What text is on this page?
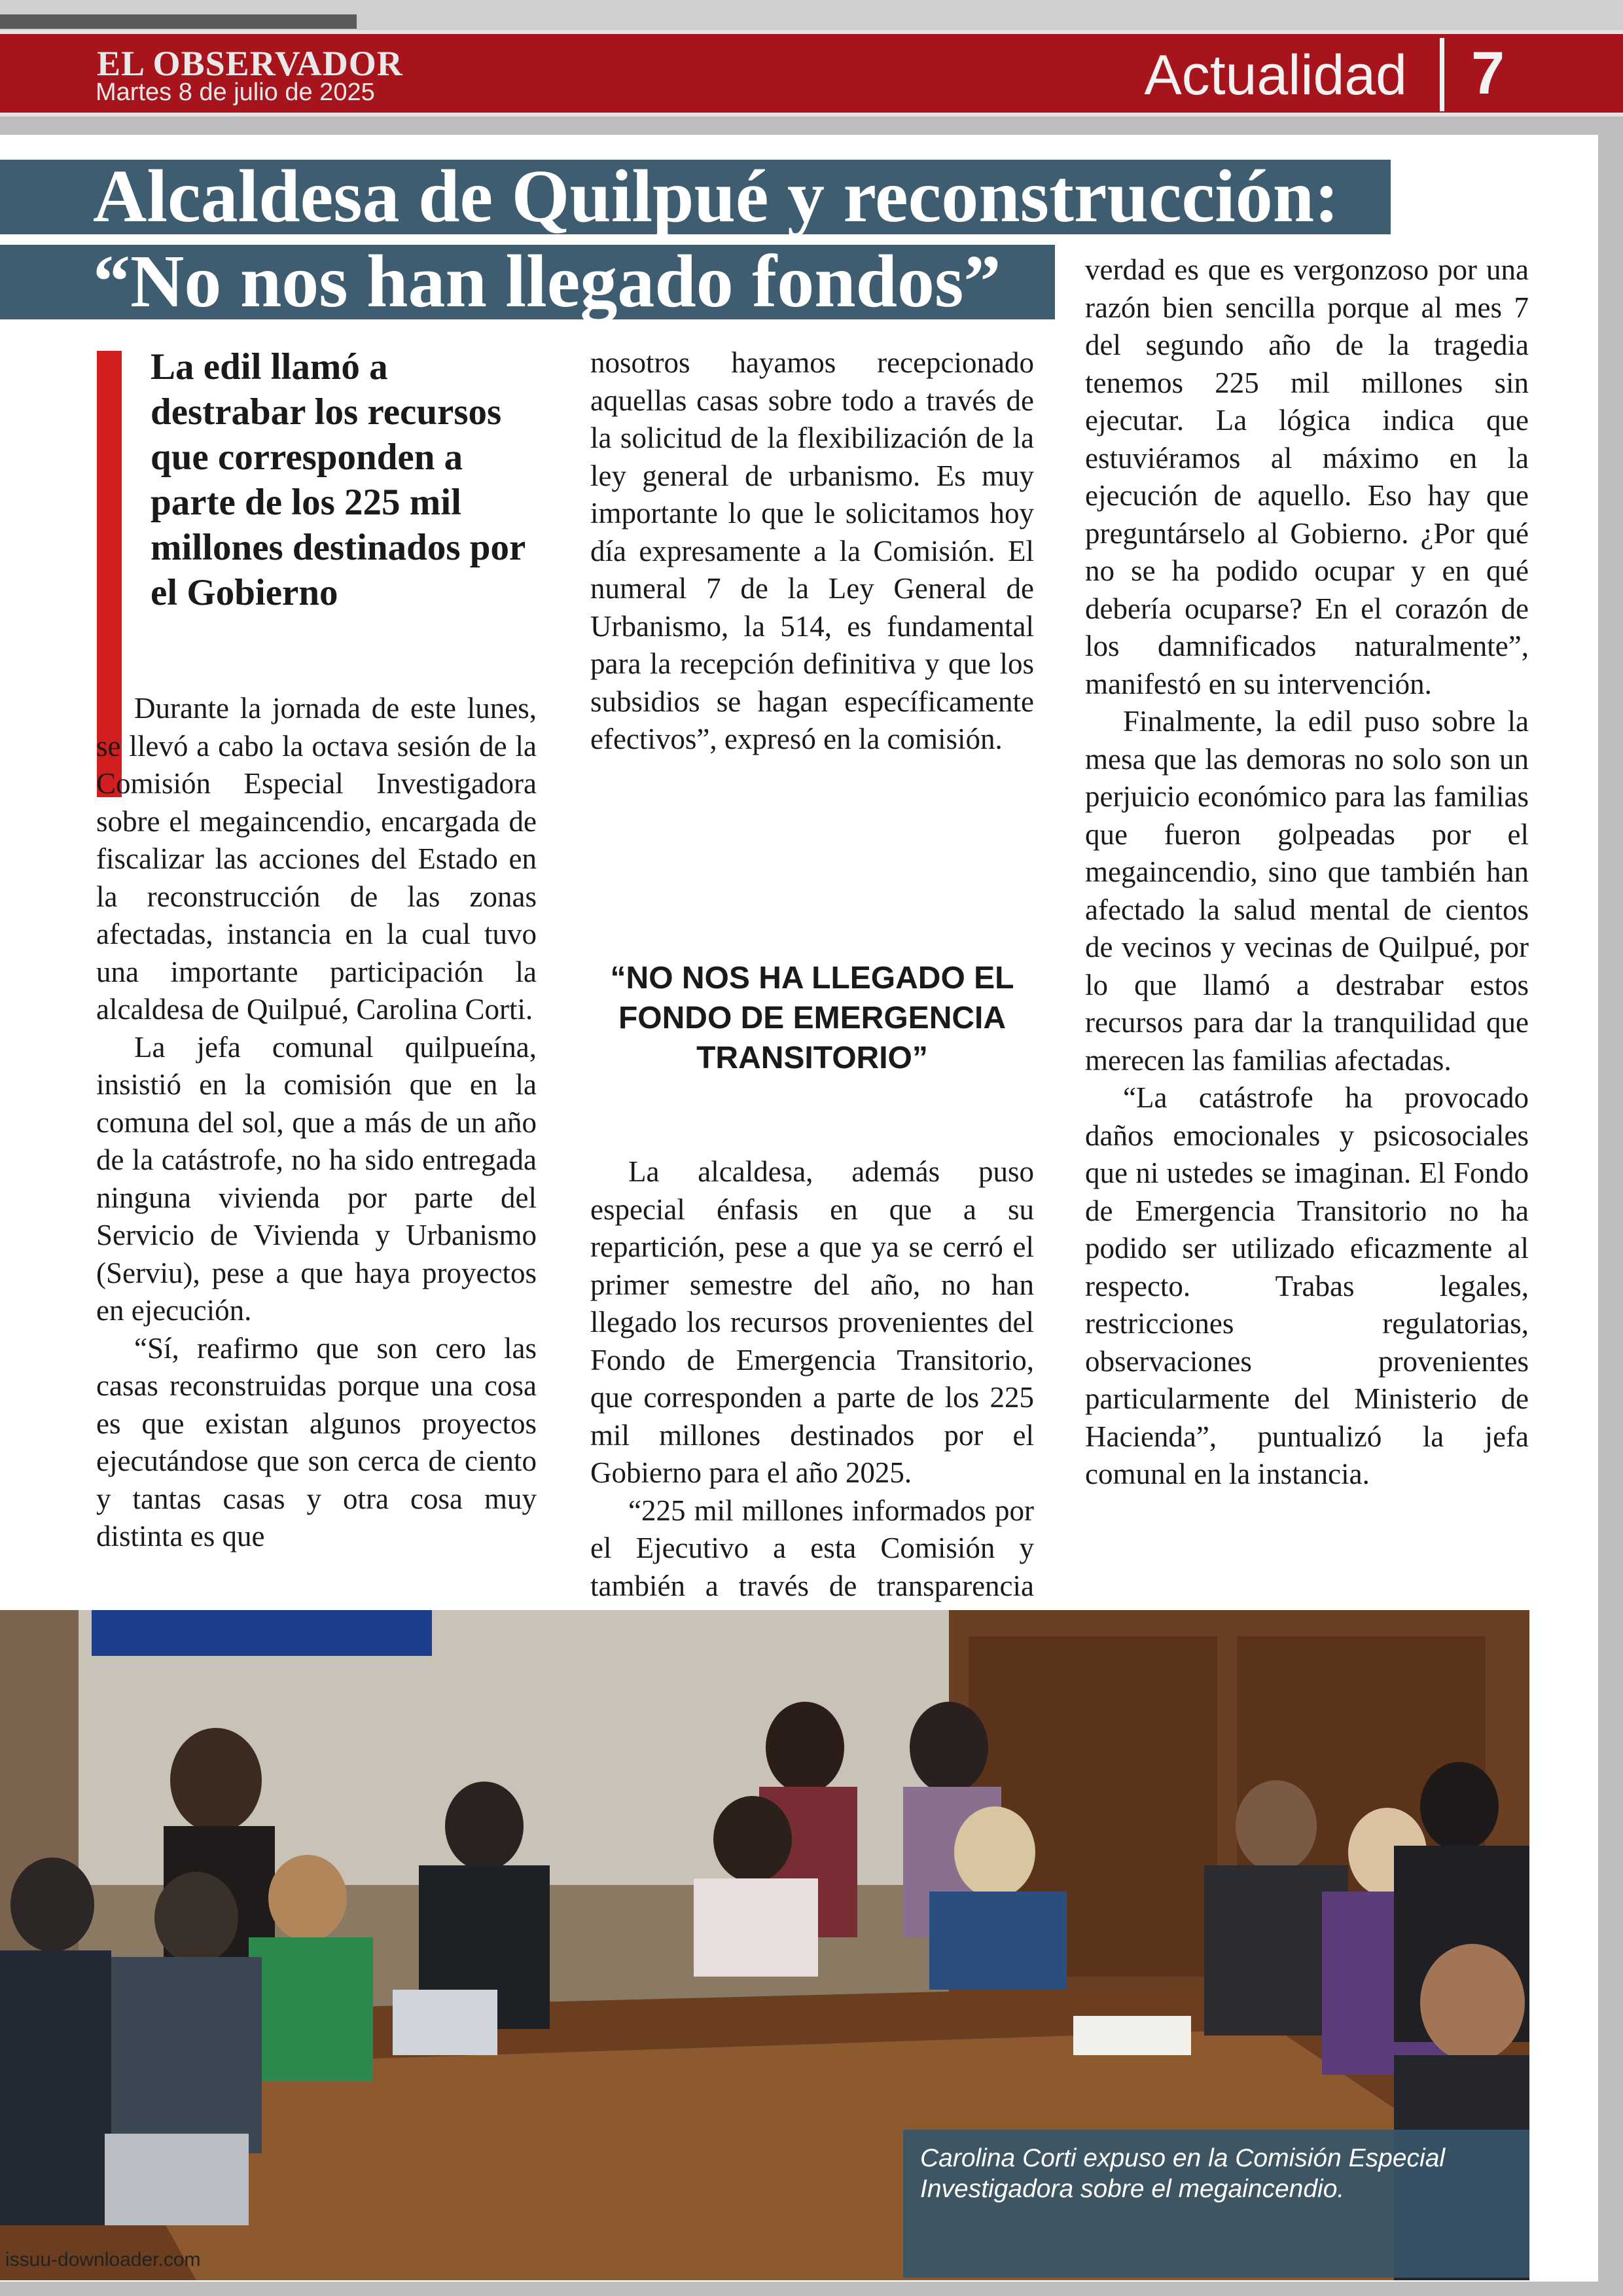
EL OBSERVADOR
Martes 8 de julio de 2025	Actualidad 7
Alcaldesa de Quilpué y reconstrucción:
“No nos han llegado fondos”
La edil llamó a destrabar los recursos que corresponden a parte de los 225 mil millones destinados por el Gobierno

Durante la jornada de este lunes, se llevó a cabo la octava sesión de la Comisión Especial Investigadora sobre el megaincendio, encargada de fiscalizar las acciones del Estado en la reconstrucción de las zonas afectadas, instancia en la cual tuvo una importante participación la alcaldesa de Quilpué, Carolina Corti.

La jefa comunal quilpueína, insistió en la comisión que en la comuna del sol, que a más de un año de la catástrofe, no ha sido entregada ninguna vivienda por parte del Servicio de Vivienda y Urbanismo (Serviu), pese a que haya proyectos en ejecución.

“Sí, reafirmo que son cero las casas reconstruidas porque una cosa es que existan algunos proyectos ejecutándose que son cerca de ciento y tantas casas y otra cosa muy distinta es que

nosotros hayamos recepcionado aquellas casas sobre todo a través de la solicitud de la flexibilización de la ley general de urbanismo. Es muy importante lo que le solicitamos hoy día expresamente a la Comisión. El numeral 7 de la Ley General de Urbanismo, la 514, es fundamental para la recepción definitiva y que los subsidios se hagan específicamente efectivos”, expresó en la comisión.

“NO NOS HA LLEGADO EL FONDO DE EMERGENCIA TRANSITORIO”

La alcaldesa, además puso especial énfasis en que a su repartición, pese a que ya se cerró el primer semestre del año, no han llegado los recursos provenientes del Fondo de Emergencia Transitorio, que corresponden a parte de los 225 mil millones destinados por el Gobierno para el año 2025.

“225 mil millones informados por el Ejecutivo a esta Comisión y también a través de transparencia

verdad es que es vergonzoso por una razón bien sencilla porque al mes 7 del segundo año de la tragedia tenemos 225 mil millones sin ejecutar. La lógica indica que estuviéramos al máximo en la ejecución de aquello. Eso hay que preguntárselo al Gobierno. ¿Por qué no se ha podido ocupar y en qué debería ocuparse? En el corazón de los damnificados naturalmente”, manifestó en su intervención.

Finalmente, la edil puso sobre la mesa que las demoras no solo son un perjuicio económico para las familias que fueron golpeadas por el megaincendio, sino que también han afectado la salud mental de cientos de vecinos y vecinas de Quilpué, por lo que llamó a destrabar estos recursos para dar la tranquilidad que merecen las familias afectadas.

“La catástrofe ha provocado daños emocionales y psicosociales que ni ustedes se imaginan. El Fondo de Emergencia Transitorio no ha podido ser utilizado eficazmente al respecto. Trabas legales, restricciones regulatorias, observaciones provenientes particularmente del Ministerio de Hacienda”, puntualizó la jefa comunal en la instancia.

Carolina Corti expuso en la Comisión Especial Investigadora sobre el megaincendio.
issuu-downloader.com
